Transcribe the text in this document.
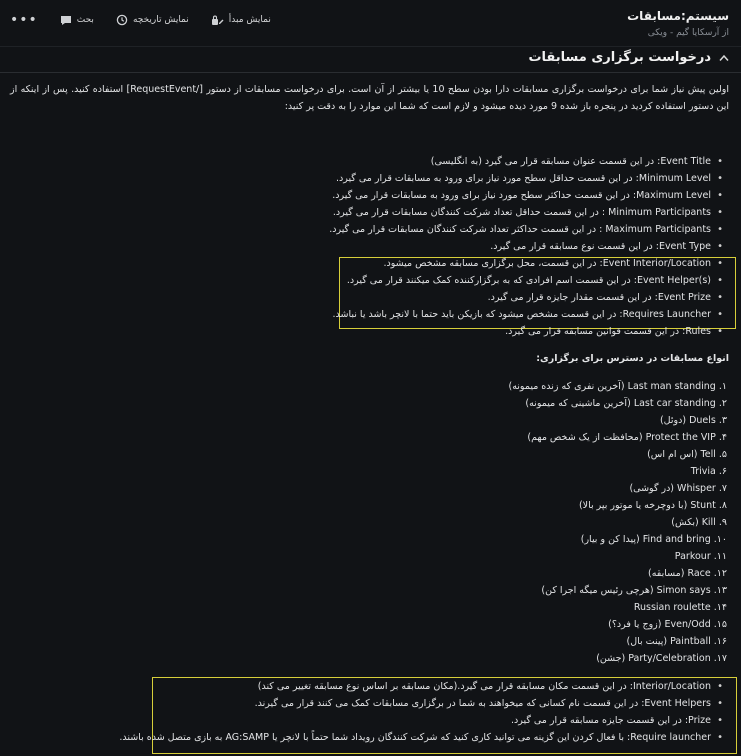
سیستم:مسابقات
از آرسکایا گیم - ویکی
•••	بحث	نمایش تاریخچه	نمایش مبدأ
درخواست برگزاری مسابقات
اولین پیش نیاز شما برای درخواست برگزاری مسابقات دارا بودن سطح 10 یا بیشتر از آن است. برای درخواست مسابقات از دستور [/RequestEvent] استفاده کنید. پس از اینکه از این دستور استفاده کردید در پنجره باز شده 9 مورد دیده میشود و لازم است که شما این موارد را به دقت پر کنید:
• Event Title: در این قسمت عنوان مسابقه قرار می گیرد (به انگلیسی)
• Minimum Level: در این قسمت حداقل سطح مورد نیاز برای ورود به مسابقات قرار می گیرد.
• Maximum Level: در این قسمت حداکثر سطح مورد نیاز برای ورود به مسابقات قرار می گیرد.
• Minimum Participants : در این قسمت حداقل تعداد شرکت کنندگان مسابقات قرار می گیرد.
• Maximum Participants : در این قسمت حداکثر تعداد شرکت کنندگان مسابقات قرار می گیرد.
• Event Type: در این قسمت نوع مسابقه قرار می گیرد.
• Event Interior/Location: در این قسمت، محل برگزاری مسابقه مشخص میشود.
• Event Helper(s): در این قسمت اسم افرادی که به برگزارکننده کمک میکنند قرار می گیرد.
• Event Prize: در این قسمت مقدار جایزه قرار می گیرد.
• Requires Launcher: در این قسمت مشخص میشود که بازیکن باید حتما با لانچر باشد یا نباشد.
• Rules: در این قسمت قوانین مسابقه قرار می گیرد.
انواع مسابقات در دسترس برای برگزاری:
١. Last man standing (آخرین نفری که زنده میمونه)
٢. Last car standing (آخرین ماشینی که میمونه)
٣. Duels (دوئل)
۴. Protect the VIP (محافظت از یک شخص مهم)
۵. Tell (اس ام اس)
۶. Trivia
٧. Whisper (در گوشی)
٨. Stunt (با دوچرخه یا موتور بپر بالا)
٩. Kill (بکش)
١٠. Find and bring (پیدا کن و بیار)
١١. Parkour
١٢. Race (مسابقه)
١٣. Simon says (هرچی رئیس میگه اجرا کن)
١۴. Russian roulette
١۵. Even/Odd (زوج یا فرد؟)
١۶. Paintball (پینت بال)
١٧. Party/Celebration (جشن)
• Interior/Location: در این قسمت مکان مسابقه قرار می گیرد.(مکان مسابقه بر اساس نوع مسابقه تغییر می کند)
• Event Helpers: در این قسمت نام کسانی که میخواهند به شما در برگزاری مسابقات کمک می کنند قرار می گیرند.
• Prize: در این قسمت جایزه مسابقه قرار می گیرد.
• Require launcher: با فعال کردن این گزینه می توانید کاری کنید که شرکت کنندگان رویداد شما حتماً با لانچر یا AG:SAMP به بازی متصل شده باشند.
